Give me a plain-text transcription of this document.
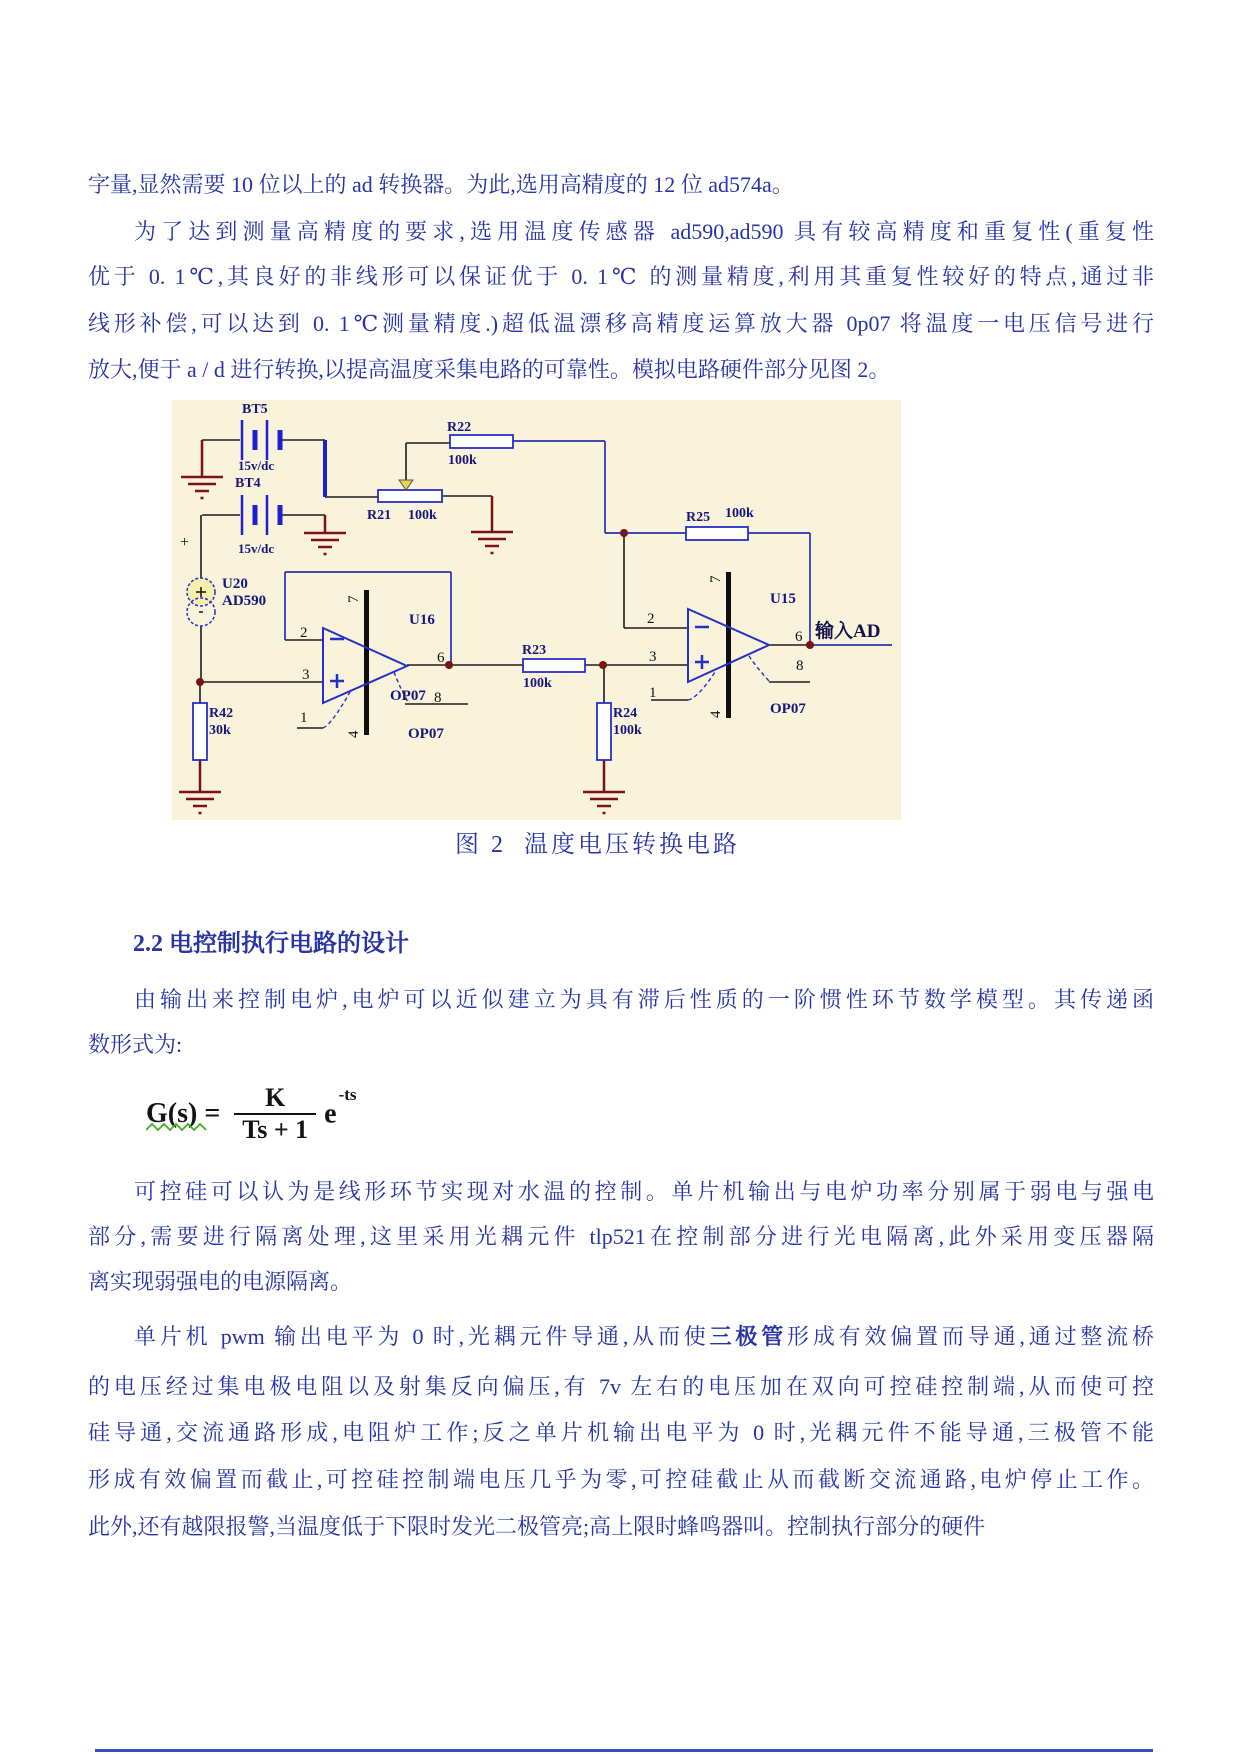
字量,显然需要 10 位以上的 ad 转换器。为此,选用高精度的 12 位 ad574a。
为了达到测量高精度的要求,选用温度传感器 ad590,ad590 具有较高精度和重复性(重复性
优于 0. 1℃,其良好的非线形可以保证优于 0. 1℃ 的测量精度,利用其重复性较好的特点,通过非
线形补偿,可以达到 0. 1℃测量精度.)超低温漂移高精度运算放大器 0p07 将温度一电压信号进行
放大,便于 a / d 进行转换,以提高温度采集电路的可靠性。模拟电路硬件部分见图 2。
BT5
15v/dc
BT4
15v/dc
+
U20
AD590
R42
30k
R21 100k
R22
100k
R23
100k
R24
100k
R25 100k
2
3
1
7
4
6
8
U16
OP07
OP07
2
3
1
7
4
6
8
U15
OP07
输入AD
图 2  温度电压转换电路
2.2 电控制执行电路的设计
由输出来控制电炉,电炉可以近似建立为具有滞后性质的一阶惯性环节数学模型。其传递函
数形式为:
$G(s) = \frac{K}{Ts + 1} e^{-ts}$
可控硅可以认为是线形环节实现对水温的控制。单片机输出与电炉功率分别属于弱电与强电
部分,需要进行隔离处理,这里采用光耦元件 tlp521在控制部分进行光电隔离,此外采用变压器隔
离实现弱强电的电源隔离。
单片机 pwm 输出电平为 0 时,光耦元件导通,从而使三极管形成有效偏置而导通,通过整流桥
的电压经过集电极电阻以及射集反向偏压,有 7v 左右的电压加在双向可控硅控制端,从而使可控
硅导通,交流通路形成,电阻炉工作;反之单片机输出电平为 0 时,光耦元件不能导通,三极管不能
形成有效偏置而截止,可控硅控制端电压几乎为零,可控硅截止从而截断交流通路,电炉停止工作。
此外,还有越限报警,当温度低于下限时发光二极管亮;高上限时蜂鸣器叫。控制执行部分的硬件
